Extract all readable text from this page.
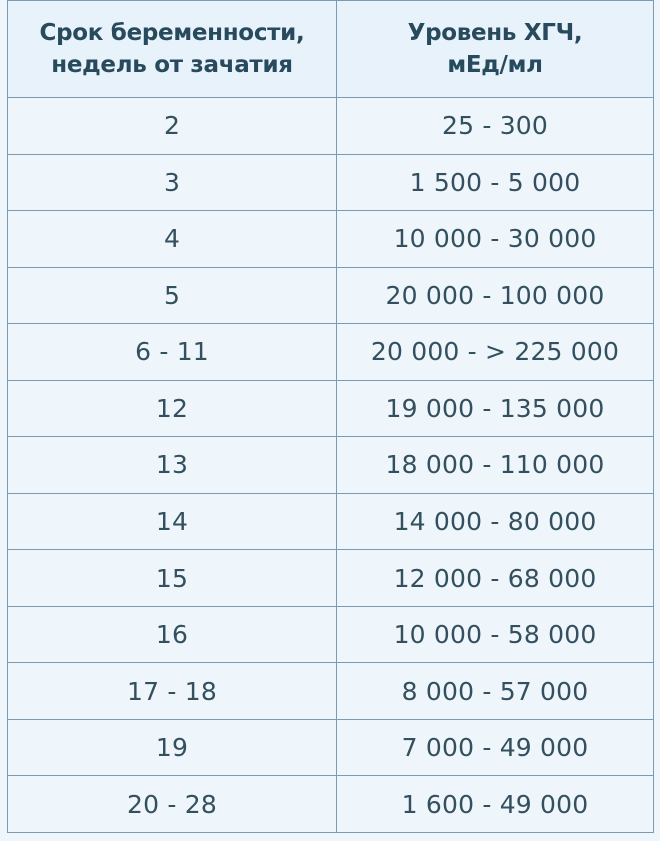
Срок беременности,
недель от зачатия	Уровень ХГЧ,
мЕд/мл

2	25 - 300
3	1 500 - 5 000
4	10 000 - 30 000
5	20 000 - 100 000
6 - 11	20 000 - > 225 000
12	19 000 - 135 000
13	18 000 - 110 000
14	14 000 - 80 000
15	12 000 - 68 000
16	10 000 - 58 000
17 - 18	8 000 - 57 000
19	7 000 - 49 000
20 - 28	1 600 - 49 000
